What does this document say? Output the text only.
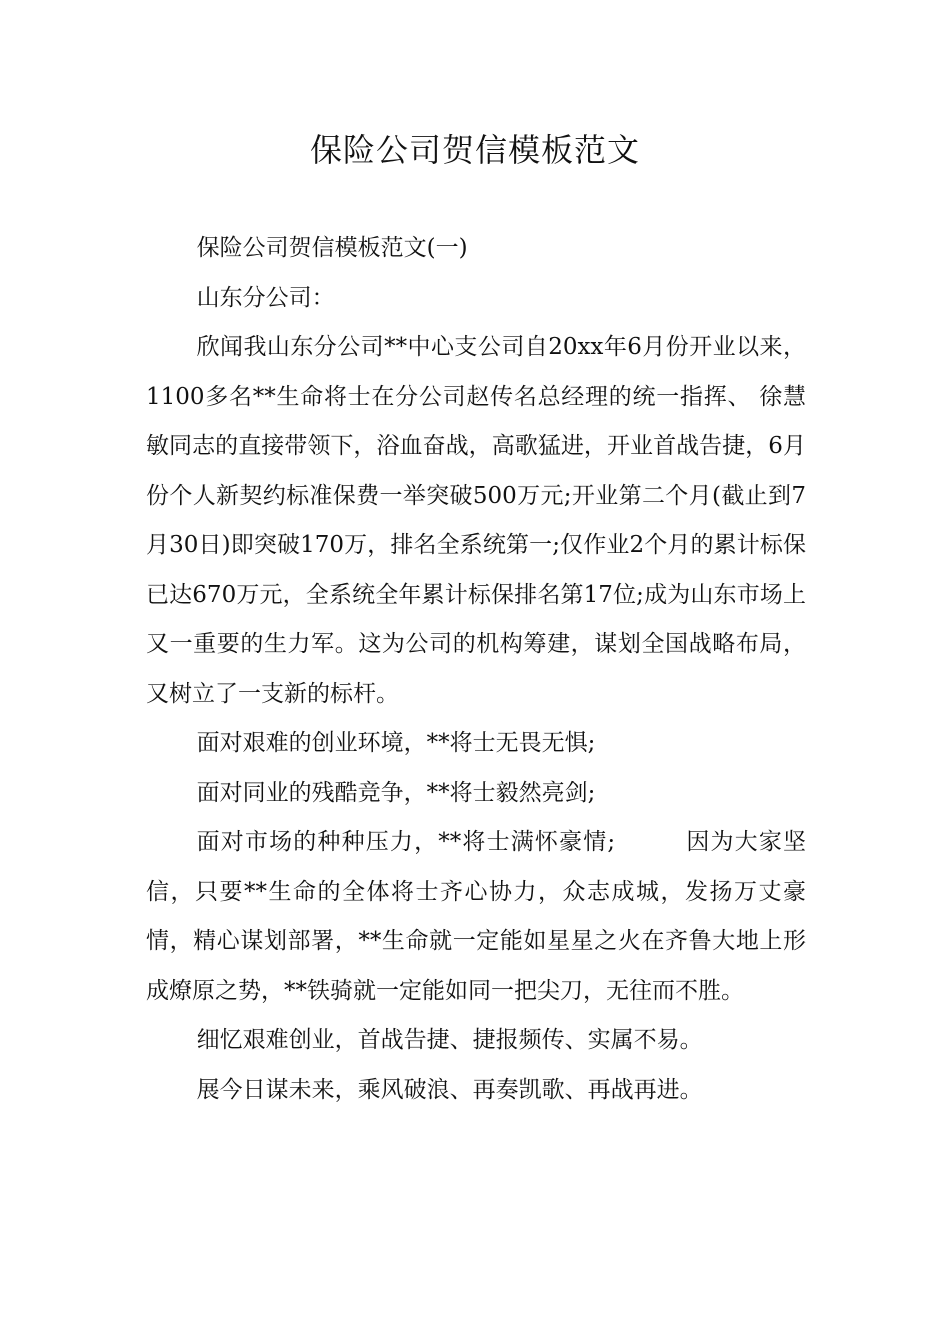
保险公司贺信模板范文

保险公司贺信模板范文(一)

山东分公司：

欣闻我山东分公司**中心支公司自20xx年6月份开业以来，1100多名**生命将士在分公司赵传名总经理的统一指挥、 徐慧敏同志的直接带领下，浴血奋战，高歌猛进，开业首战告捷，6月份个人新契约标准保费一举突破500万元;开业第二个月(截止到7月30日)即突破170万，排名全系统第一;仅作业2个月的累计标保已达670万元，全系统全年累计标保排名第17位;成为山东市场上又一重要的生力军。这为公司的机构筹建，谋划全国战略布局，又树立了一支新的标杆。

面对艰难的创业环境，**将士无畏无惧;

面对同业的残酷竞争，**将士毅然亮剑;

面对市场的种种压力，**将士满怀豪情;	因为大家坚信，只要**生命的全体将士齐心协力，众志成城，发扬万丈豪情，精心谋划部署，**生命就一定能如星星之火在齐鲁大地上形成燎原之势，**铁骑就一定能如同一把尖刀，无往而不胜。

细忆艰难创业，首战告捷、捷报频传、实属不易。

展今日谋未来，乘风破浪、再奏凯歌、再战再进。
